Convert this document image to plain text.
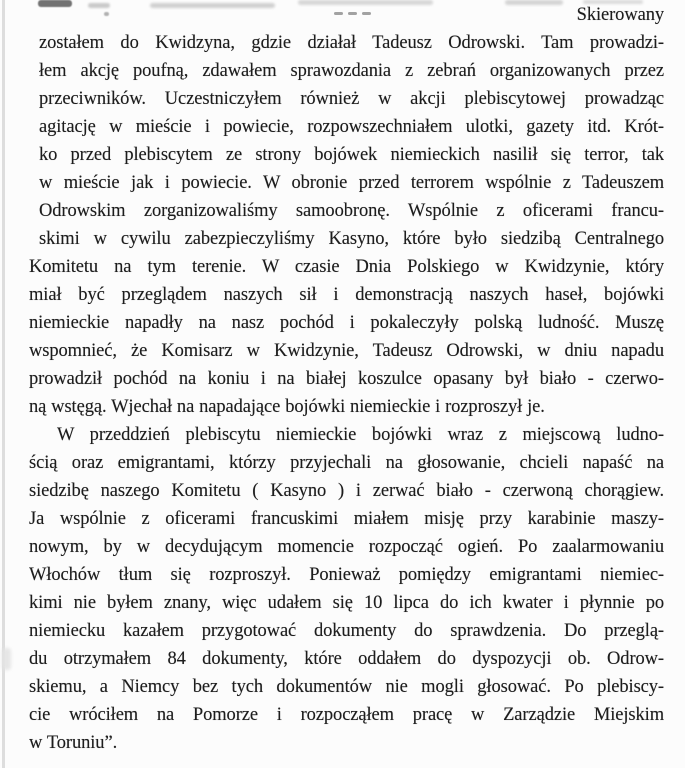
Skierowany
zostałem do Kwidzyna, gdzie działał Tadeusz Odrowski. Tam prowadzi-
łem akcję poufną, zdawałem sprawozdania z zebrań organizowanych przez
przeciwników. Uczestniczyłem również w akcji plebiscytowej prowadząc
agitację w mieście i powiecie, rozpowszechniałem ulotki, gazety itd. Krót-
ko przed plebiscytem ze strony bojówek niemieckich nasilił się terror, tak
w mieście jak i powiecie. W obronie przed terrorem wspólnie z Tadeuszem
Odrowskim zorganizowaliśmy samoobronę. Wspólnie z oficerami francu-
skimi w cywilu zabezpieczyliśmy Kasyno, które było siedzibą Centralnego
Komitetu na tym terenie. W czasie Dnia Polskiego w Kwidzynie, który
miał być przeglądem naszych sił i demonstracją naszych haseł, bojówki
niemieckie napadły na nasz pochód i pokaleczyły polską ludność. Muszę
wspomnieć, że Komisarz w Kwidzynie, Tadeusz Odrowski, w dniu napadu
prowadził pochód na koniu i na białej koszulce opasany był biało - czerwo-
ną wstęgą. Wjechał na napadające bojówki niemieckie i rozproszył je.
W przeddzień plebiscytu niemieckie bojówki wraz z miejscową ludno-
ścią oraz emigrantami, którzy przyjechali na głosowanie, chcieli napaść na
siedzibę naszego Komitetu ( Kasyno ) i zerwać biało - czerwoną chorągiew.
Ja wspólnie z oficerami francuskimi miałem misję przy karabinie maszy-
nowym, by w decydującym momencie rozpocząć ogień. Po zaalarmowaniu
Włochów tłum się rozproszył. Ponieważ pomiędzy emigrantami niemiec-
kimi nie byłem znany, więc udałem się 10 lipca do ich kwater i płynnie po
niemiecku kazałem przygotować dokumenty do sprawdzenia. Do przeglą-
du otrzymałem 84 dokumenty, które oddałem do dyspozycji ob. Odrow-
skiemu, a Niemcy bez tych dokumentów nie mogli głosować. Po plebiscy-
cie wróciłem na Pomorze i rozpocząłem pracę w Zarządzie Miejskim
w Toruniu”.
